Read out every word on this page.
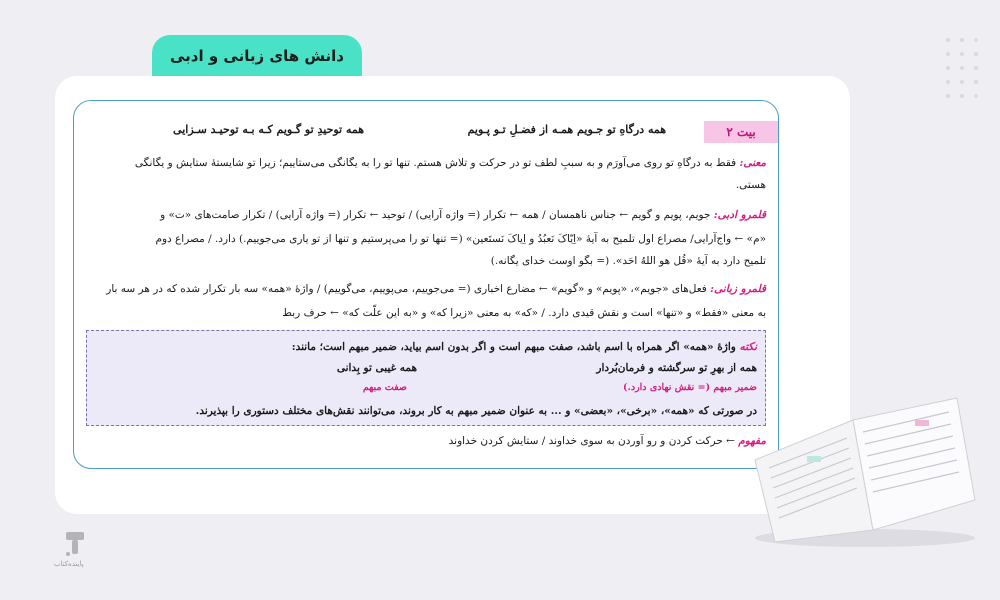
دانش های زبانی و ادبی
بیت ۲
همه درگاهِ تو جـویم همـه از فضـلِ تـو پـویم
همه توحیدِ تو گـویم کـه بـه توحیـد سـزایی
معنی: فقط به درگاهِ تو روی می‌آورَم و به سببِ لطف تو در حرکت و تلاش هستم. تنها تو را به یگانگی می‌ستاییم؛ زیرا تو شایستهٔ ستایش و یگانگی
هستی.
قلمرو ادبی: جویم، پویم و گویم ← جناس ناهمسان / همه ← تکرار (= واژه آرایی) / توحید ← تکرار (= واژه آرایی) / تکرار صامت‌های «ت» و
«م» ← واج‌آرایی/ مصراع اول تلمیح به آیهٔ «اِیّاکَ نَعبُدُ و اِیاکَ نَستَعین» (= تنها تو را می‌پرستیم و تنها از تو یاری می‌جوییم.) دارد. / مصراع دوم
تلمیح دارد به آیهٔ «قُل هو اللهُ احَد». (= بگو اوست خدای یگانه.)
قلمرو زبانی: فعل‌های «جویم»، «پویم» و «گویم» ← مضارع اخباری (= می‌جوییم، می‌پوییم، می‌گوییم) / واژهٔ «همه» سه بار تکرار شده که در هر سه بار
به معنی «فقط» و «تنها» است و نقش قیدی دارد. / «که» به معنی «زیرا که» و «به این علّت که» ← حرف ربط
نکته واژهٔ «همه» اگر همراه با اسم باشد، صفت مبهم است و اگر بدون اسم بیاید، ضمیر مبهم است؛ مانند:
همه از بهرِ تو سرگشته و فرمان‌بُردار
همه غیبی تو بِدانی
ضمیر مبهم (= نقش نهادی دارد.)
صفت مبهم
در صورتی که «همه»، «برخی»، «بعضی» و ... به عنوان ضمیر مبهم به کار بروند، می‌توانند نقش‌های مختلف دستوری را بپذیرند.
مفهوم ← حرکت کردن و رو آوردن به سوی خداوند / ستایش کردن خداوند
پاینده‌کتاب
